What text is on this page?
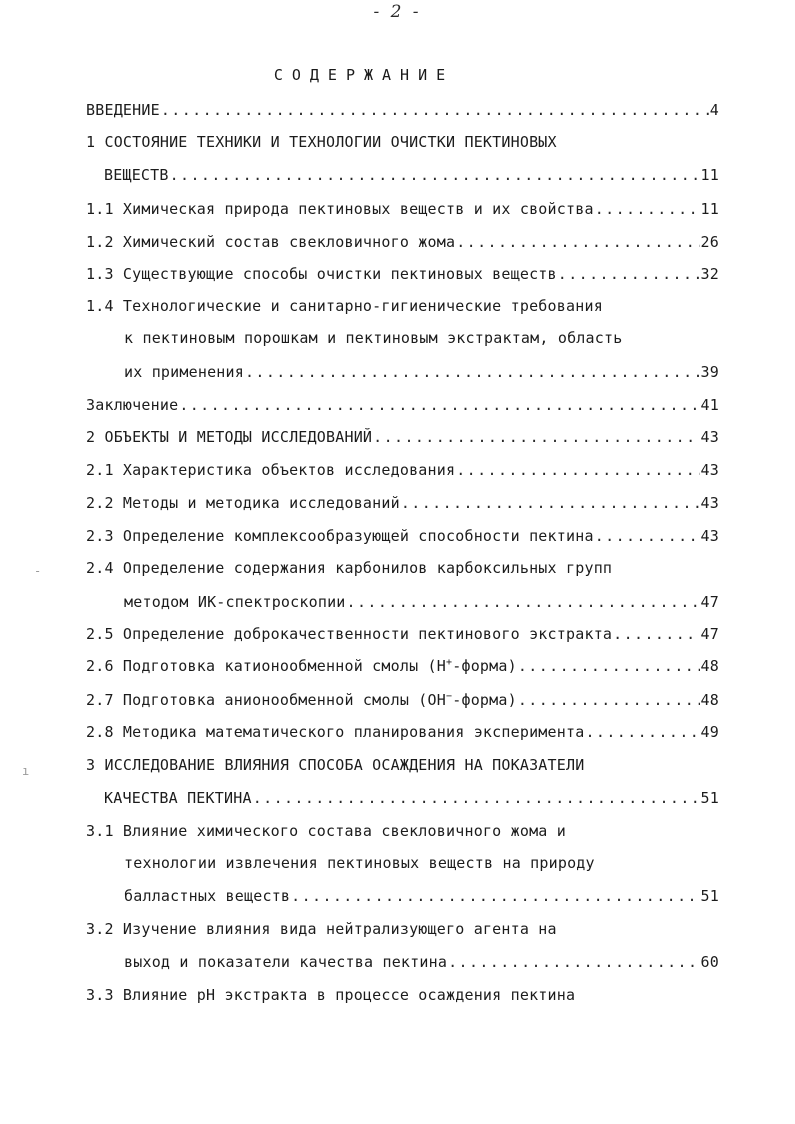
- 2 -
СОДЕРЖАНИЕ
ВВЕДЕНИЕ .....	4
1 СОСТОЯНИЕ ТЕХНИКИ И ТЕХНОЛОГИИ ОЧИСТКИ ПЕКТИНОВЫХ
ВЕЩЕСТВ .....	11
1.1 Химическая природа пектиновых веществ и их свойства .....	11
1.2 Химический состав свекловичного жома .....	26
1.3 Существующие способы очистки пектиновых веществ .....	32
1.4 Технологические и санитарно-гигиенические требования
к пектиновым порошкам и пектиновым экстрактам, область
их применения .....	39
Заключение .....	41
2 ОБЪЕКТЫ И МЕТОДЫ ИССЛЕДОВАНИЙ .....	43
2.1 Характеристика объектов исследования .....	43
2.2 Методы и методика исследований .....	43
2.3 Определение комплексообразующей способности пектина .....	43
2.4 Определение содержания карбонилов карбоксильных групп
методом ИК-спектроскопии .....	47
2.5 Определение доброкачественности пектинового экстракта .....	47
2.6 Подготовка катионообменной смолы (Н+-форма) .....	48
2.7 Подготовка анионообменной смолы (ОН−-форма) .....	48
2.8 Методика математического планирования эксперимента .....	49
3 ИССЛЕДОВАНИЕ ВЛИЯНИЯ СПОСОБА ОСАЖДЕНИЯ НА ПОКАЗАТЕЛИ
КАЧЕСТВА ПЕКТИНА .....	51
3.1 Влияние химического состава свекловичного жома и
технологии извлечения пектиновых веществ на природу
балластных веществ .....	51
3.2 Изучение влияния вида нейтрализующего агента на
выход и показатели качества пектина .....	60
3.3 Влияние рН экстракта в процессе осаждения пектина
-
ı
